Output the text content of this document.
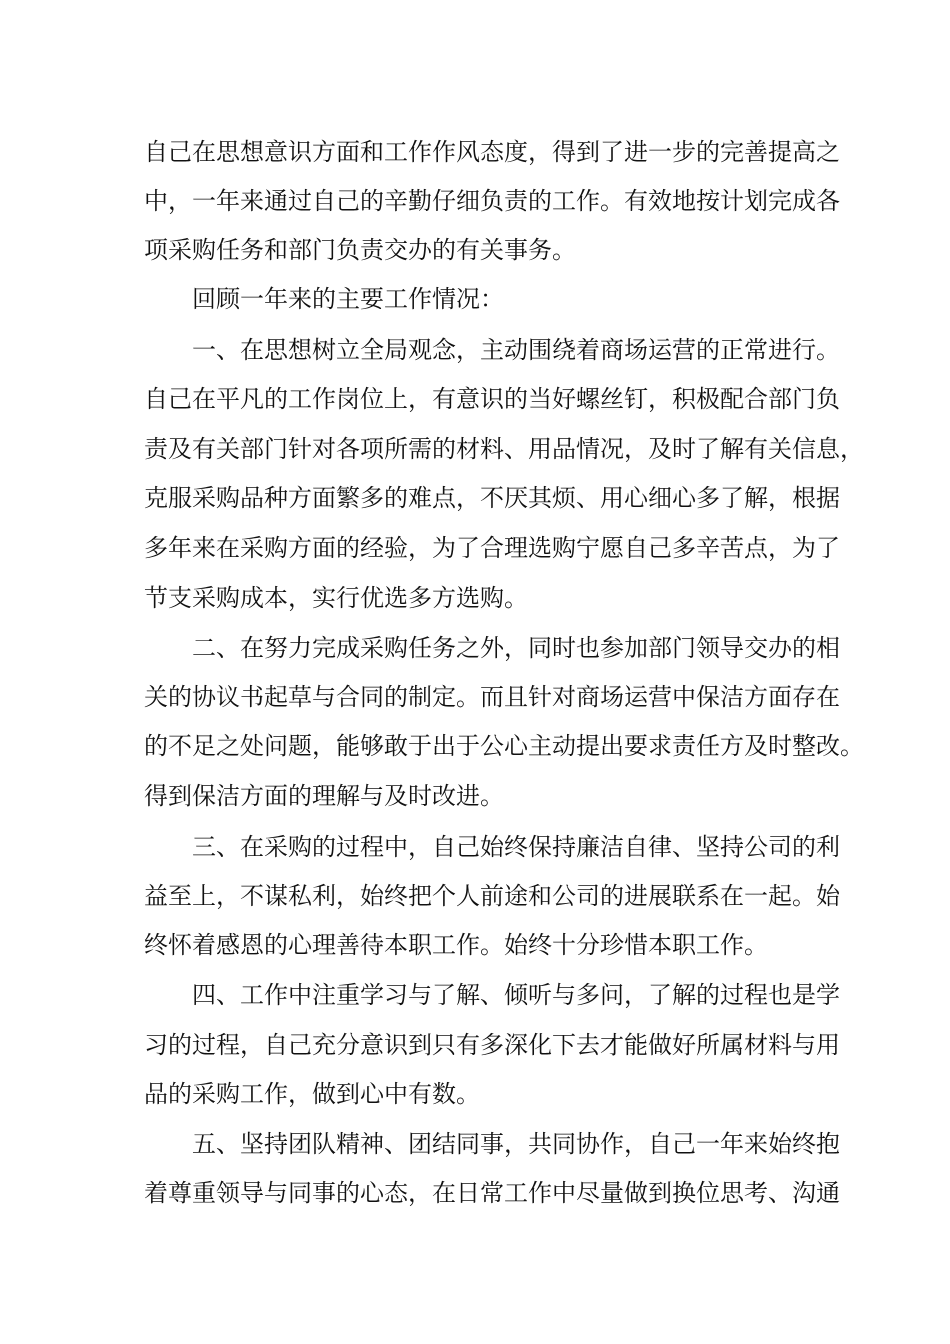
自己在思想意识方面和工作作风态度，得到了进一步的完善提高之
中，一年来通过自己的辛勤仔细负责的工作。有效地按计划完成各
项采购任务和部门负责交办的有关事务。
回顾一年来的主要工作情况：
一、在思想树立全局观念，主动围绕着商场运营的正常进行。
自己在平凡的工作岗位上，有意识的当好螺丝钉，积极配合部门负
责及有关部门针对各项所需的材料、用品情况，及时了解有关信息，
克服采购品种方面繁多的难点，不厌其烦、用心细心多了解，根据
多年来在采购方面的经验，为了合理选购宁愿自己多辛苦点，为了
节支采购成本，实行优选多方选购。
二、在努力完成采购任务之外，同时也参加部门领导交办的相
关的协议书起草与合同的制定。而且针对商场运营中保洁方面存在
的不足之处问题，能够敢于出于公心主动提出要求责任方及时整改。
得到保洁方面的理解与及时改进。
三、在采购的过程中，自己始终保持廉洁自律、坚持公司的利
益至上，不谋私利，始终把个人前途和公司的进展联系在一起。始
终怀着感恩的心理善待本职工作。始终十分珍惜本职工作。
四、工作中注重学习与了解、倾听与多问，了解的过程也是学
习的过程，自己充分意识到只有多深化下去才能做好所属材料与用
品的采购工作，做到心中有数。
五、坚持团队精神、团结同事，共同协作，自己一年来始终抱
着尊重领导与同事的心态，在日常工作中尽量做到换位思考、沟通
